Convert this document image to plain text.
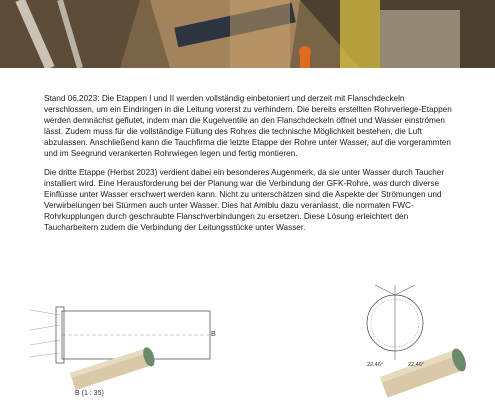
Stand 06.2023: Die Etappen I und II werden vollständig einbetoniert und derzeit mit Flanschdeckeln verschlossen, um ein Eindringen in die Leitung vorerst zu verhindern. Die bereits erstellten Rohrverlege-Etappen werden demnächst geflutet, indem man die Kugelventile an den Flanschdeckeln öffnet und Wasser einströmen lässt. Zudem muss für die vollständige Füllung des Rohres die technische Möglichkeit bestehen, die Luft abzulassen. Anschließend kann die Tauchfirma die letzte Etappe der Rohre unter Wasser, auf die vorgerammten und im Seegrund verankerten Rohrwiegen legen und fertig montieren.

Die dritte Etappe (Herbst 2023) verdient dabei ein besonderes Augenmerk, da sie unter Wasser durch Taucher installiert wird. Eine Herausforderung bei der Planung war die Verbindung der GFK-Rohre, was durch diverse Einflüsse unter Wasser erschwert werden kann. Nicht zu unterschätzen sind die Aspekte der Strömungen und Verwirbelungen bei Stürmen auch unter Wasser. Dies hat Amiblu dazu veranlasst, die normalen FWC-Rohrkupplungen durch geschraubte Flanschverbindungen zu ersetzen. Diese Lösung erleichtert den Taucharbeitern zudem die Verbindung der Leitungsstücke unter Wasser.

B
B (1 : 35)
22,46°	22,46°
